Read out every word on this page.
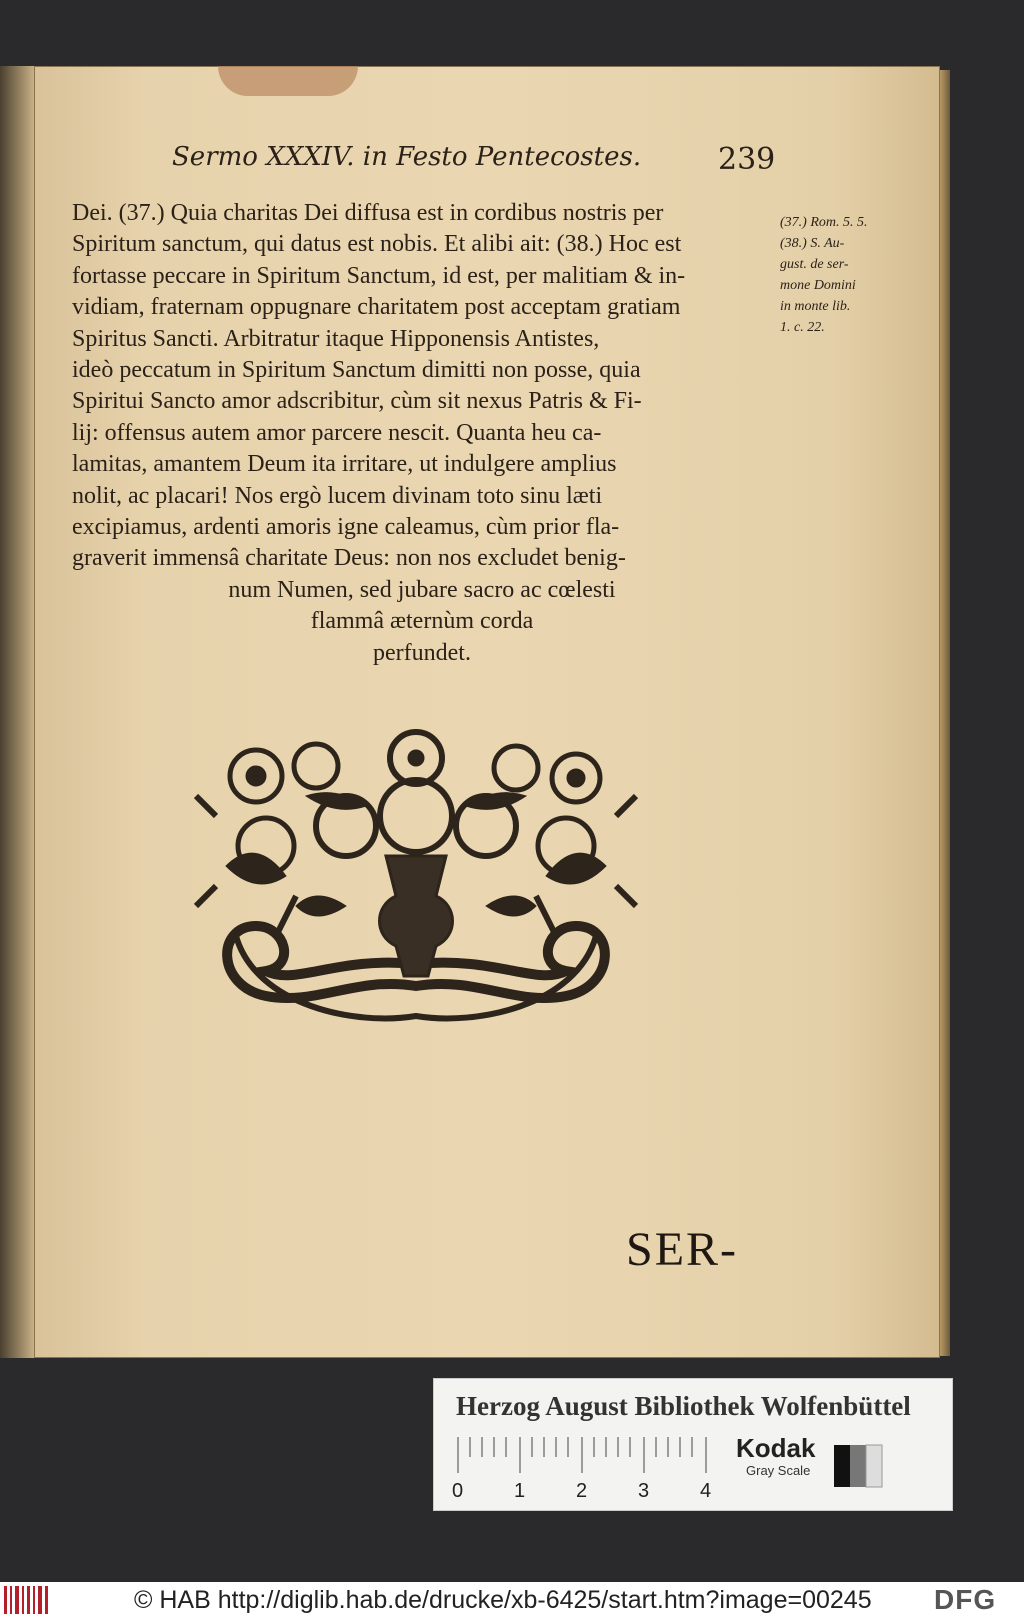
Sermo XXXIV. in Festo Pentecostes.	239
Dei. (37.) Quia charitas Dei diffusa est in cordibus nostris per
Spiritum sanctum, qui datus est nobis. Et alibi ait: (38.) Hoc est
fortasse peccare in Spiritum Sanctum, id est, per malitiam & in-
vidiam, fraternam oppugnare charitatem post acceptam gratiam
Spiritus Sancti. Arbitratur itaque Hipponensis Antistes,
ideò peccatum in Spiritum Sanctum dimitti non posse, quia
Spiritui Sancto amor adscribitur, cùm sit nexus Patris & Fi-
lij: offensus autem amor parcere nescit. Quanta heu ca-
lamitas, amantem Deum ita irritare, ut indulgere amplius
nolit, ac placari! Nos ergò lucem divinam toto sinu læti
excipiamus, ardenti amoris igne caleamus, cùm prior fla-
graverit immensâ charitate Deus: non nos excludet benig-
num Numen, sed jubare sacro ac cœlesti
flammâ æternùm corda
perfundet.
(37.) Rom. 5. 5.
(38.) S. Au-
gust. de ser-
mone Domini
in monte lib.
1. c. 22.
SER-
Herzog August Bibliothek Wolfenbüttel
0	1	2	3	4
Kodak
Gray Scale
© HAB http://diglib.hab.de/drucke/xb-6425/start.htm?image=00245 DFG
